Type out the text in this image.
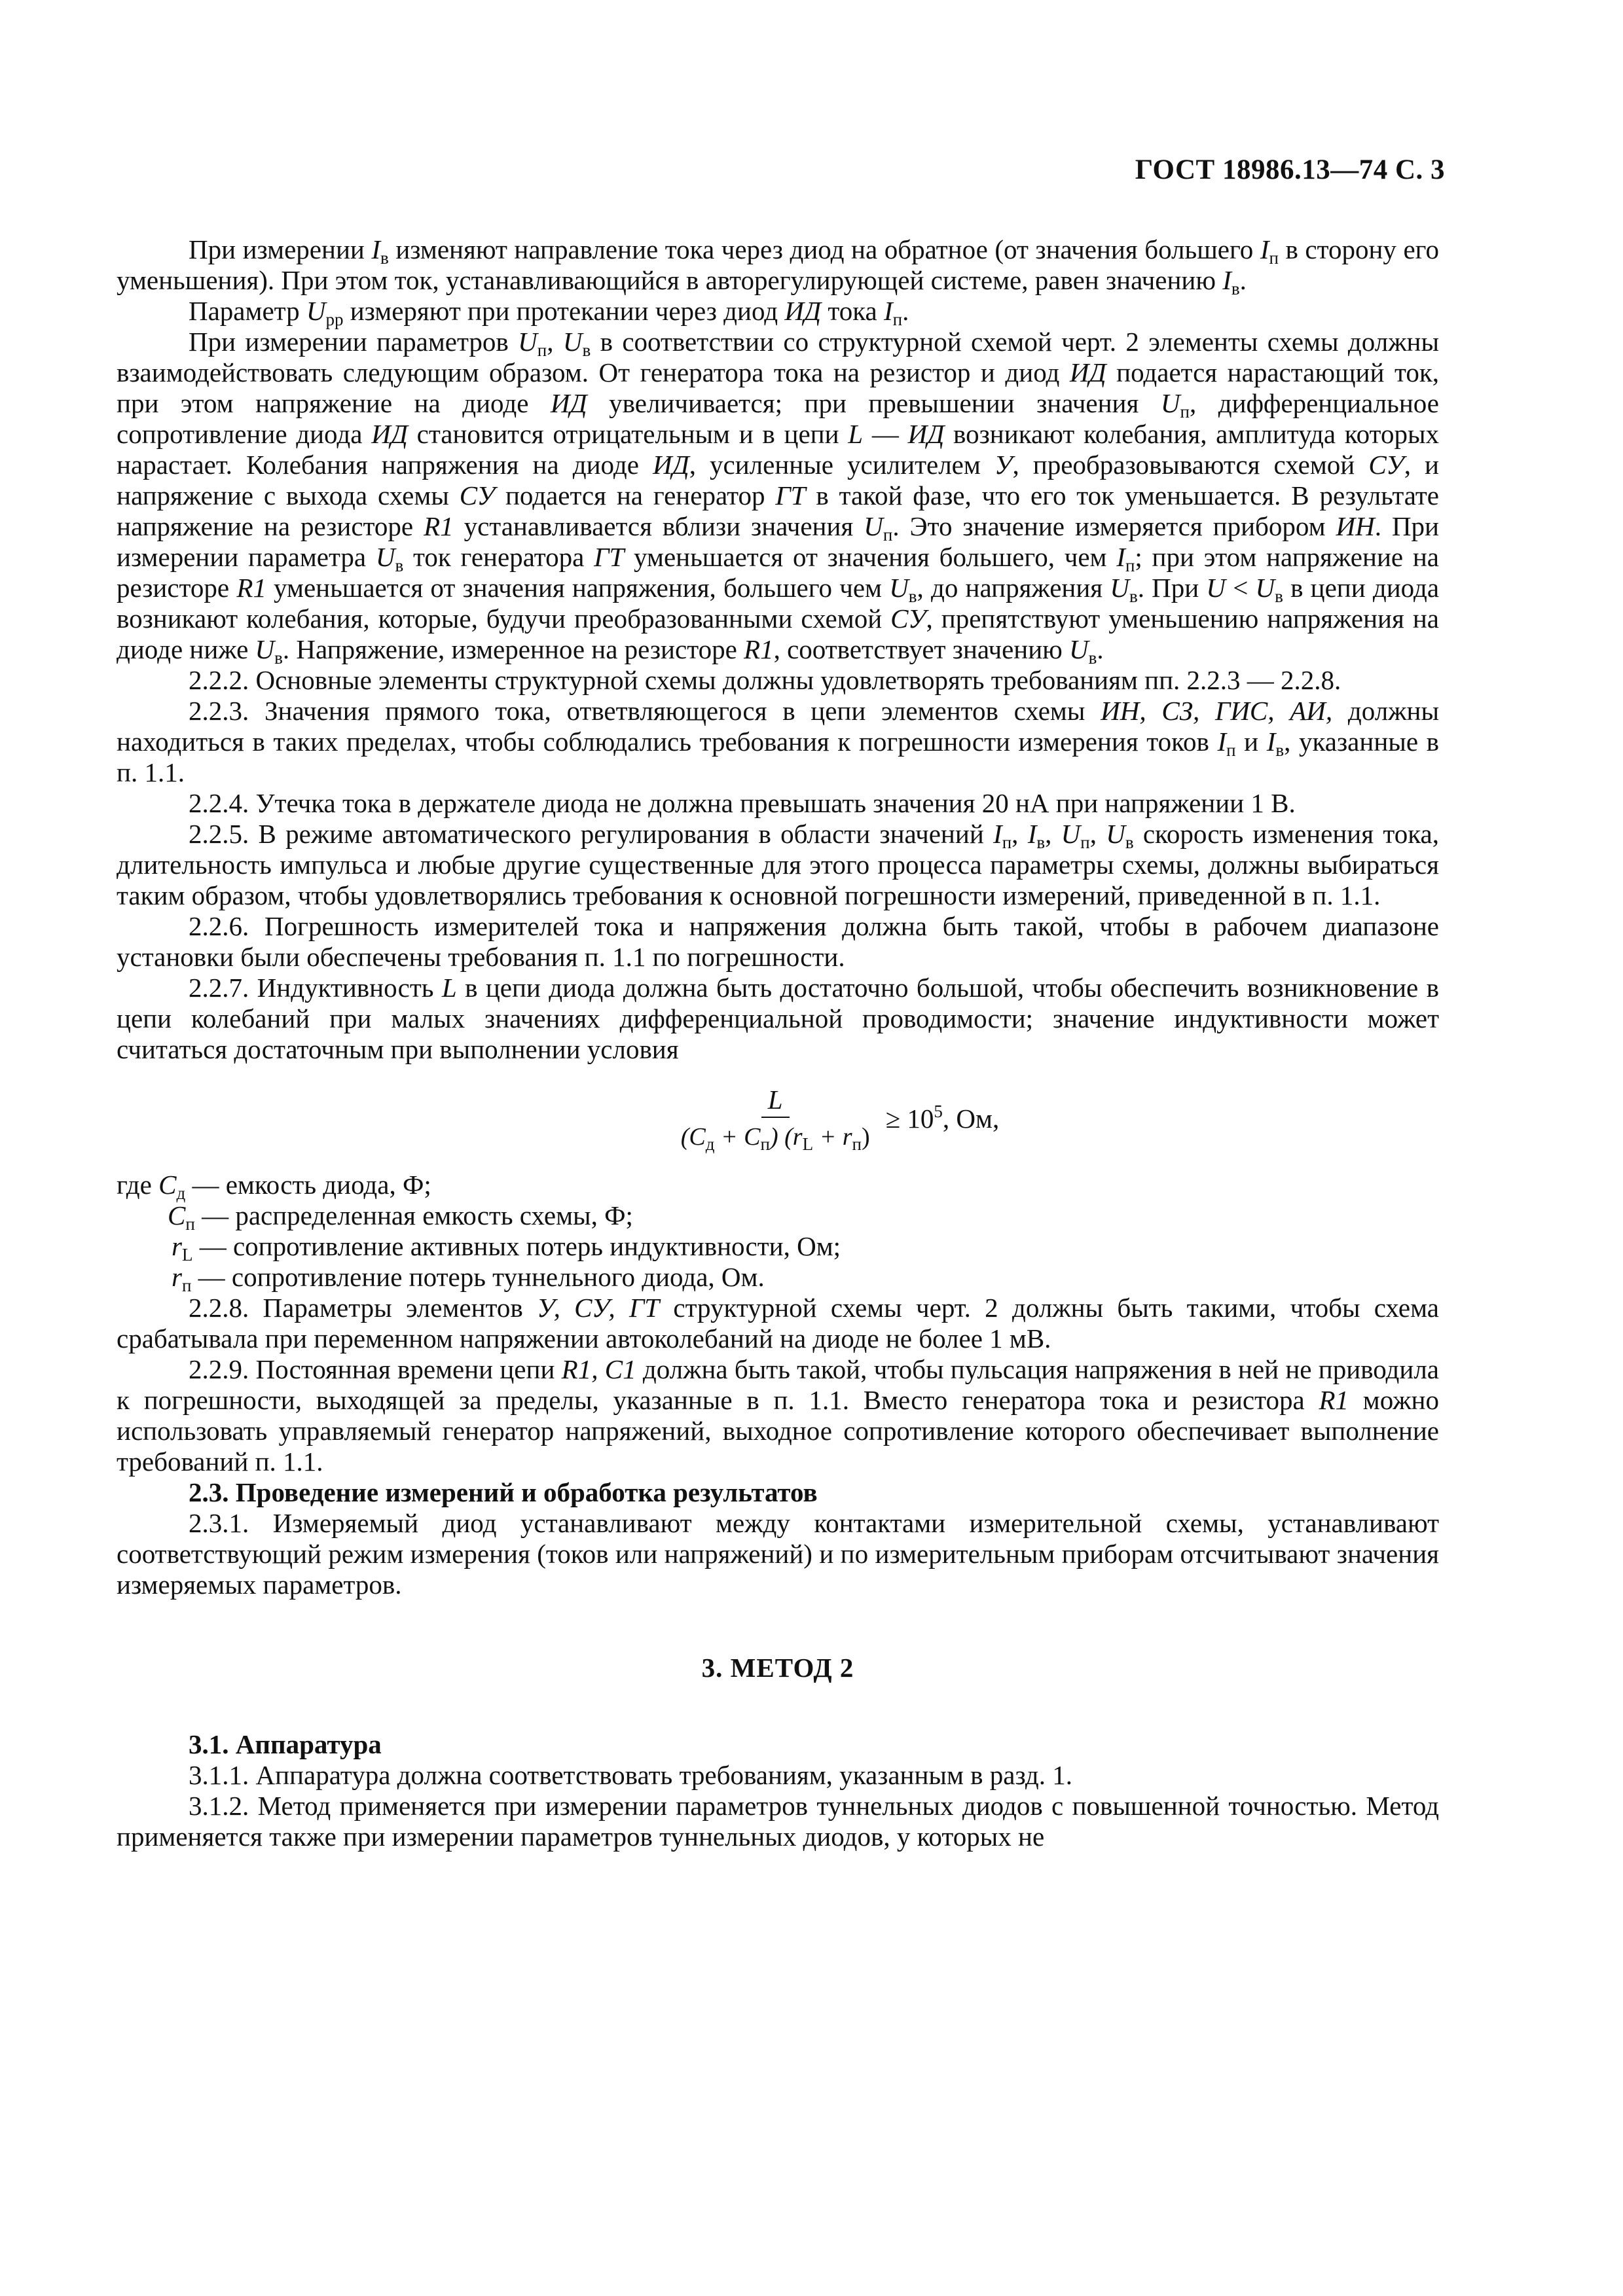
ГОСТ 18986.13—74 С. 3

При измерении $I_в$ изменяют направление тока через диод на обратное (от значения большего $I_п$ в сторону его уменьшения). При этом ток, устанавливающийся в авторегулирующей системе, равен значению $I_в$.

Параметр $U_{рр}$ измеряют при протекании через диод ИД тока $I_п$.

При измерении параметров $U_п$, $U_в$ в соответствии со структурной схемой черт. 2 элементы схемы должны взаимодействовать следующим образом. От генератора тока на резистор и диод ИД подается нарастающий ток, при этом напряжение на диоде ИД увеличивается; при превышении значения $U_п$, дифференциальное сопротивление диода ИД становится отрицательным и в цепи L — ИД возникают колебания, амплитуда которых нарастает. Колебания напряжения на диоде ИД, усиленные усилителем У, преобразовываются схемой СУ, и напряжение с выхода схемы СУ подается на генератор ГТ в такой фазе, что его ток уменьшается. В результате напряжение на резисторе R1 устанавливается вблизи значения $U_п$. Это значение измеряется прибором ИН. При измерении параметра $U_в$ ток генератора ГТ уменьшается от значения большего, чем $I_п$; при этом напряжение на резисторе R1 уменьшается от значения напряжения, большего чем $U_в$, до напряжения $U_в$. При $U < U_в$ в цепи диода возникают колебания, которые, будучи преобразованными схемой СУ, препятствуют уменьшению напряжения на диоде ниже $U_в$. Напряжение, измеренное на резисторе R1, соответствует значению $U_в$.

2.2.2. Основные элементы структурной схемы должны удовлетворять требованиям пп. 2.2.3 — 2.2.8.

2.2.3. Значения прямого тока, ответвляющегося в цепи элементов схемы ИН, СЗ, ГИС, АИ, должны находиться в таких пределах, чтобы соблюдались требования к погрешности измерения токов $I_п$ и $I_в$, указанные в п. 1.1.

2.2.4. Утечка тока в держателе диода не должна превышать значения 20 нА при напряжении 1 В.

2.2.5. В режиме автоматического регулирования в области значений $I_п$, $I_в$, $U_п$, $U_в$ скорость изменения тока, длительность импульса и любые другие существенные для этого процесса параметры схемы, должны выбираться таким образом, чтобы удовлетворялись требования к основной погрешности измерений, приведенной в п. 1.1.

2.2.6. Погрешность измерителей тока и напряжения должна быть такой, чтобы в рабочем диапазоне установки были обеспечены требования п. 1.1 по погрешности.

2.2.7. Индуктивность L в цепи диода должна быть достаточно большой, чтобы обеспечить возникновение в цепи колебаний при малых значениях дифференциальной проводимости; значение индуктивности может считаться достаточным при выполнении условия

$\frac{L}{(C_д + C_п) (r_L + r_п)} \ge 10^5$, Ом,

где $C_д$ — емкость диода, Ф;

$C_п$ — распределенная емкость схемы, Ф;

$r_L$ — сопротивление активных потерь индуктивности, Ом;

$r_п$ — сопротивление потерь туннельного диода, Ом.

2.2.8. Параметры элементов У, СУ, ГТ структурной схемы черт. 2 должны быть такими, чтобы схема срабатывала при переменном напряжении автоколебаний на диоде не более 1 мВ.

2.2.9. Постоянная времени цепи R1, C1 должна быть такой, чтобы пульсация напряжения в ней не приводила к погрешности, выходящей за пределы, указанные в п. 1.1. Вместо генератора тока и резистора R1 можно использовать управляемый генератор напряжений, выходное сопротивление которого обеспечивает выполнение требований п. 1.1.

2.3. Проведение измерений и обработка результатов

2.3.1. Измеряемый диод устанавливают между контактами измерительной схемы, устанавливают соответствующий режим измерения (токов или напряжений) и по измерительным приборам отсчитывают значения измеряемых параметров.

3. МЕТОД 2

3.1. Аппаратура

3.1.1. Аппаратура должна соответствовать требованиям, указанным в разд. 1.

3.1.2. Метод применяется при измерении параметров туннельных диодов с повышенной точностью. Метод применяется также при измерении параметров туннельных диодов, у которых не
